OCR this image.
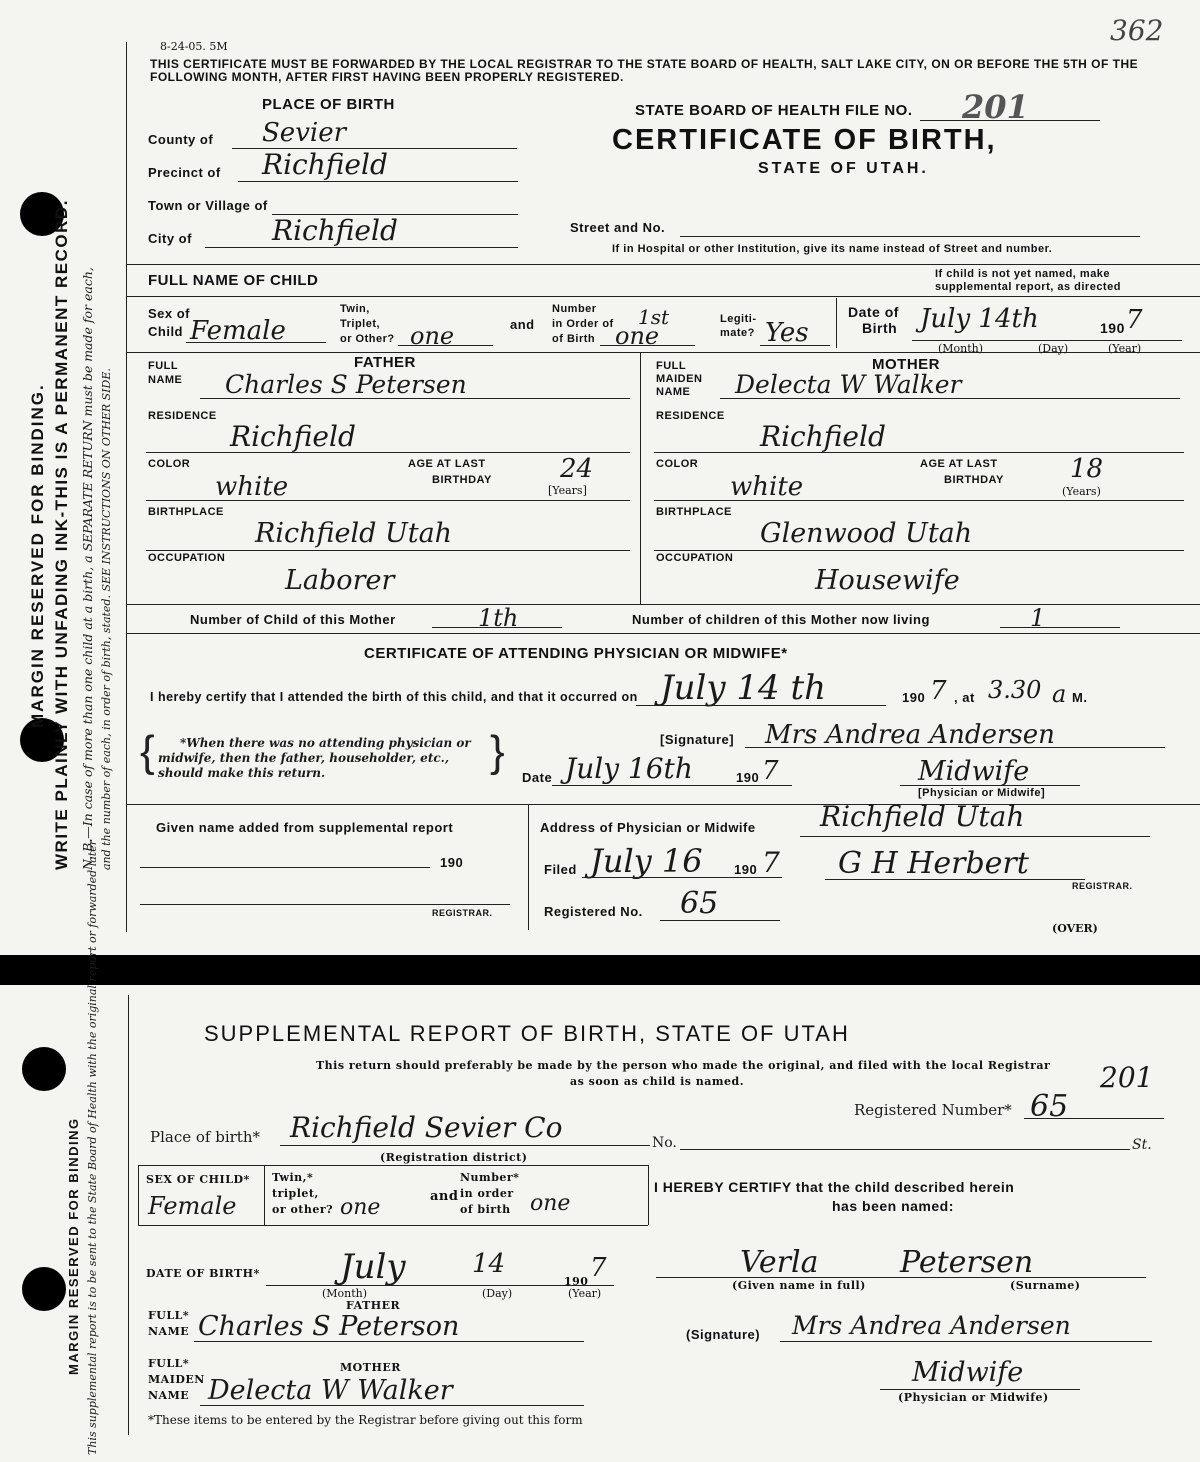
MARGIN RESERVED FOR BINDING. WRITE PLAINLY WITH UNFADING INK-THIS IS A PERMANENT RECORD. N. B.—In case of more than one child at a birth, a SEPARATE RETURN must be made for each, and the number of each, in order of birth, stated. SEE INSTRUCTIONS ON OTHER SIDE.
8-24-05. 5M	362
THIS CERTIFICATE MUST BE FORWARDED BY THE LOCAL REGISTRAR TO THE STATE BOARD OF HEALTH, SALT LAKE CITY, ON OR BEFORE THE 5TH OF THE FOLLOWING MONTH, AFTER FIRST HAVING BEEN PROPERLY REGISTERED.
PLACE OF BIRTH	STATE BOARD OF HEALTH FILE NO. 201
CERTIFICATE OF BIRTH,
STATE OF UTAH.
County of Sevier
Precinct of Richfield
Town or Village of
City of	Richfield	Street and No.
If in Hospital or other Institution, give its name instead of Street and number.
FULL NAME OF CHILD	If child is not yet named, make
supplemental report, as directed
Sex of
Child Female
Twin,
Triplet,
or Other? one	and
Number
in Order of
of Birth
1st
one
Legiti-
mate? Yes
Date of
Birth July 14th	190 7
(Month)	(Day)	(Year)
FATHER	MOTHER
FULL
NAME Charles S Petersen
FULL
MAIDEN
NAME Delecta W Walker
RESIDENCE
Richfield
RESIDENCE
Richfield
COLOR
white
AGE AT LAST
BIRTHDAY	24
[Years]
COLOR
white
AGE AT LAST
BIRTHDAY	18
(Years)
BIRTHPLACE
Richfield Utah
BIRTHPLACE
Glenwood Utah
OCCUPATION
Laborer
OCCUPATION
Housewife
Number of Child of this Mother	1th	Number of children of this Mother now living	1
CERTIFICATE OF ATTENDING PHYSICIAN OR MIDWIFE*
I hereby certify that I attended the birth of this child, and that it occurred on July 14 th	190 7 , at 3.30 a M.
{ *When there was no attending physician or
midwife, then the father, householder, etc.,
should make this return.	}	[Signature] Mrs Andrea Andersen
Date July 16th	190 7	Midwife
[Physician or Midwife]
Given name added from supplemental report
190
REGISTRAR.
Address of Physician or Midwife Richfield Utah
Filed July 16 190 7 G H Herbert
REGISTRAR.
Registered No. 65
(OVER)
MARGIN RESERVED FOR BINDING This supplemental report is to be sent to the State Board of Health with the original report or forwarded later	SUPPLEMENTAL REPORT OF BIRTH, STATE OF UTAH
This return should preferably be made by the person who made the original, and filed with the local Registrar
as soon as child is named.
Registered Number* 65
201
Place of birth* Richfield Sevier Co	No.	St.
(Registration district)
SEX OF CHILD*
Female
Twin,*
triplet,
or other? one	and
Number*
in order
of birth one
I HEREBY CERTIFY that the child described herein
has been named:
DATE OF BIRTH* July	14
190 7
(Month)	(Day)	(Year)
Verla	Petersen
(Given name in full)	(Surname)
FATHER
FULL*
NAME Charles S Peterson	(Signature) Mrs Andrea Andersen
MOTHER
FULL*
MAIDEN
NAME Delecta W Walker
Midwife
(Physician or Midwife)
*These items to be entered by the Registrar before giving out this form
